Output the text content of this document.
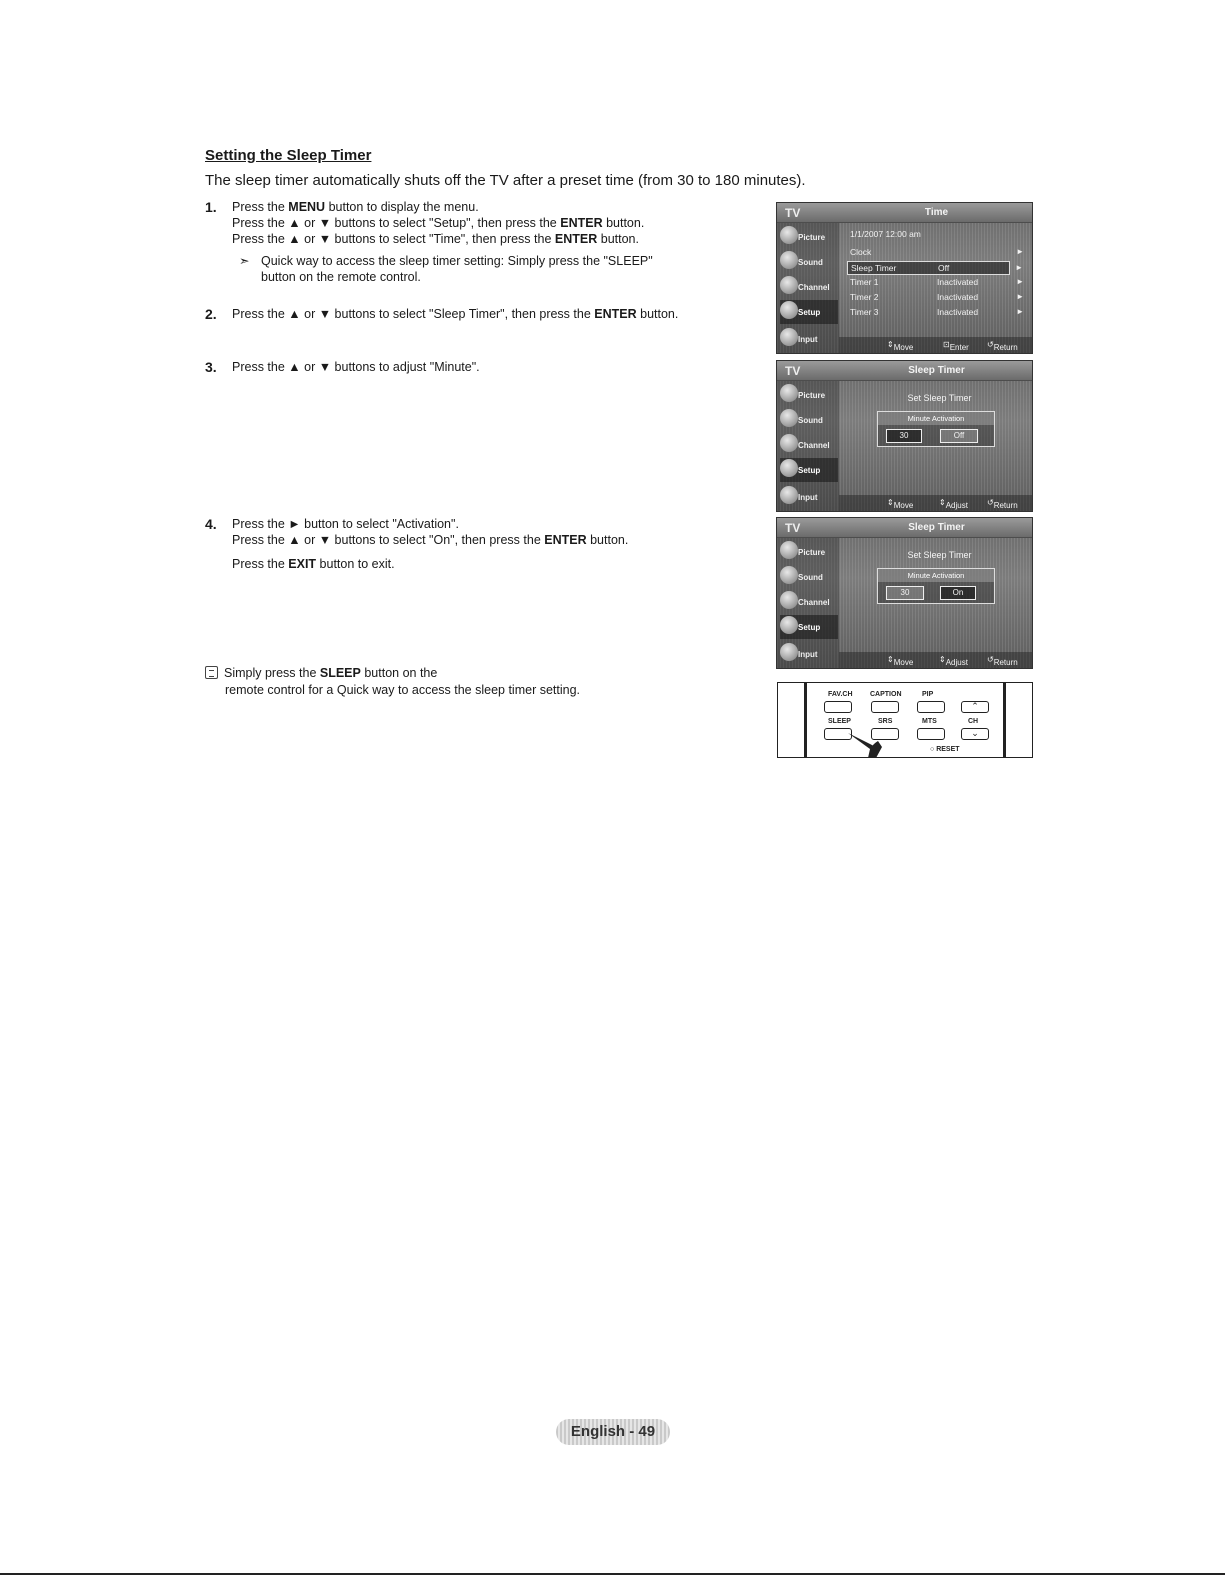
Setting the Sleep Timer
The sleep timer automatically shuts off the TV after a preset time (from 30 to 180 minutes).
1. Press the MENU button to display the menu.
Press the ▲ or ▼ buttons to select "Setup", then press the ENTER button.
Press the ▲ or ▼ buttons to select "Time", then press the ENTER button.
➣ Quick way to access the sleep timer setting: Simply press the "SLEEP"
button on the remote control.
2. Press the ▲ or ▼ buttons to select "Sleep Timer", then press the ENTER button.
3. Press the ▲ or ▼ buttons to adjust "Minute".
4. Press the ► button to select "Activation".
Press the ▲ or ▼ buttons to select "On", then press the ENTER button.
Press the EXIT button to exit.
Simply press the SLEEP button on the
remote control for a Quick way to access the sleep timer setting.
TV	Time
Picture
Sound
Channel
Setup
Input
1/1/2007 12:00 am
Clock	►
Sleep Timer	Off	►
Timer 1	Inactivated	►
Timer 2	Inactivated	►
Timer 3	Inactivated	►
⇕ Move	⊡ Enter ↺ Return
TV	Sleep Timer
Picture
Sound
Channel
Setup
Input
Set Sleep Timer
Minute Activation
30	Off
⇕ Move	⇕ Adjust ↺ Return
TV	Sleep Timer
Picture
Sound
Channel
Setup
Input
Set Sleep Timer
Minute Activation
30	On
⇕ Move	⇕ Adjust ↺ Return
FAV.CH CAPTION	PIP
⌃
SLEEP	SRS	MTS	CH
⌄
○ RESET
English - 49
